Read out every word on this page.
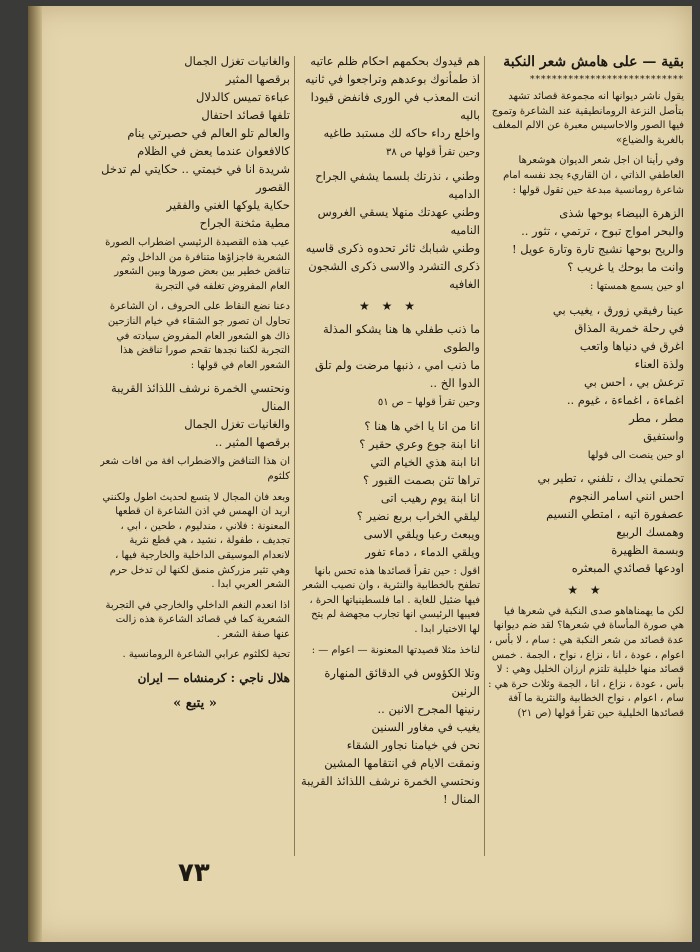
بقية — على هامش شعر النكبة
****************************
يقول ناشر ديوانها انه مجموعة قصائد تشهد بتأصل النزعة الرومانطيقية عند الشاعرة وتموج فيها الصور والاحاسيس معبرة عن الالم المغلف بالغربة والضياع»
وفي رأينا ان اجل شعر الديوان هوشعرها العاطفي الذاتي ، ان القاريء يجد نفسه امام شاعرة رومانسية مبدعة حين تقول قولها :
الزهرة البيضاء بوحها شذى
والبحر امواج تبوح ، ترتمي ، تثور ..
والريح بوحها نشيج تارة وتارة عويل !
وانت ما بوحك يا غريب ؟
او حين يسمع همستها :
عينا رفيقي زورق ، يغيب بي
في رحلة خمرية المذاق
اغرق في دنياها واتعب
ولذة العناء
ترعش بي ، احس بي
اغماءة ، اغماءة ، غيوم ..
مطر ، مطر
واستفيق
او حين ينصت الى قولها
تحملني يداك ، تلفني ، تطير بي
احس انني اسامر النجوم
عصفورة اتيه ، امتطي النسيم
وهمسك الربيع
وبسمة الظهيرة
اودعها قصائدي المبعثره
★ ★
لكن ما يهمناهاهو صدى النكبة في شعرها فيا هي صورة المأساة في شعرها؟ لقد ضم ديوانها عدة قصائد من شعر النكبة هي : سام ، لا بأس ، اعوام ، عودة ، انا ، نزاع ، نواح ، الجمة . خمس قصائد منها خليلية تلتزم ارزان الخليل وهي : لا بأس ، عودة ، نزاع ، انا ، الجمة وثلاث حرة هي : سام ، اعوام ، نواح الخطابية والنثرية ما آفة قصائدها الخليلية حين تقرأ قولها (ص ٢١)
هم قيدوك بحكمهم احكام ظلم عاتيه
اذ طمأنوك بوعدهم وتراجعوا في ثانيه
انت المعذب في الورى فانفض قيودا باليه
واخلع رداء حاكه لك مستبد طاغيه
وحين تقرأ قولها ص ٣٨
وطني ، نذرتك بلسما يشفي الجراح الداميه
وطني عهدتك منهلا يسقي الغروس الناميه
وطني شبابك ثائر تحدوه ذكرى قاسيه
ذكرى التشرد والاسى ذكرى الشجون الغافيه
★ ★ ★
ما ذنب طفلي ها هنا يشكو المذلة والطوى
ما ذنب امي ، ذنبها مرضت ولم تلق الدوا الخ ..
وحين تقرأ قولها – ص ٥١
انا من انا يا اخي ها هنا ؟
انا ابنة جوع وعري حقير ؟
انا ابنة هذي الخيام التي
تراها تئن بصمت القبور ؟
انا ابنة يوم رهيب اتى
ليلقي الخراب بربع نضير ؟
ويبعث رعبا ويلقي الاسى
ويلقي الدماء ، دماء تفور
اقول : حين تقرأ قصائدها هذه تحس بانها تطفح بالخطابية والنثرية ، وان نصيب الشعر فيها ضئيل للغاية . اما فلسطينياتها الحرة ، فعيبها الرئيسي انها تجارب مجهضة لم يتح لها الاختيار ابدا .
لناخذ مثلا قصيدتها المعنونة — اعوام — :
وتلا الكؤوس في الدقائق المنهارة الرنين
رنينها المجرح الانين ..
يغيب في مغاور السنين
نحن في خيامنا نجاور الشقاء
ونمقت الايام في انتقامها المشين
ونحتسي الخمرة نرشف اللذائذ القريبة المنال !
والغانيات تغزل الجمال
برقصها المثير
عباءة تميس كالدلال
تلفها قصائد احتفال
والعالم تلو العالم في حصيرتي ينام
كالافعوان عندما يعض في الظلام
شريدة انا في خيمتي .. حكايتي لم تدخل القصور
حكاية يلوكها الغني والفقير
مطية مثخنة الجراح
عيب هذه القصيدة الرئيسي اضطراب الصورة الشعرية فاجزاؤها متنافرة من الداخل وثم تناقض خطير بين بعض صورها وبين الشعور العام المفروض تغلفه في التجربة
دعنا نضع النقاط على الحروف ، ان الشاعرة تحاول ان تصور جو الشقاء في خيام النازحين ذاك هو الشعور العام المفروض سيادته في التجربة لكننا نجدها تقحم صورا تناقض هذا الشعور العام في قولها :
ونحتسي الخمرة نرشف اللذائذ القريبة المنال
والغانيات تغزل الجمال
برقصها المثير ..
ان هذا التناقض والاضطراب افة من افات شعر كلثوم
وبعد فان المجال لا يتسع لحديث اطول ولكنني اريد ان الهمس في اذن الشاعرة ان قطعها المعنونة : فلاني ، مندليوم ، طحين ، ابي ، تجديف ، طفولة ، نشيد ، هي قطع نثرية لانعدام الموسيقى الداخلية والخارجية فيها ، وهي تثير مزركش منمق لكنها لن تدخل حرم الشعر العربي ابدا .
اذا انعدم النغم الداخلي والخارجي في التجربة الشعرية كما في قصائد الشاعرة هذه زالت عنها صفة الشعر .
تحية لكلثوم عرابي الشاعرة الرومانسية .
هلال ناجي : كرمنشاه — ايران
« يتبع »
٧٣
